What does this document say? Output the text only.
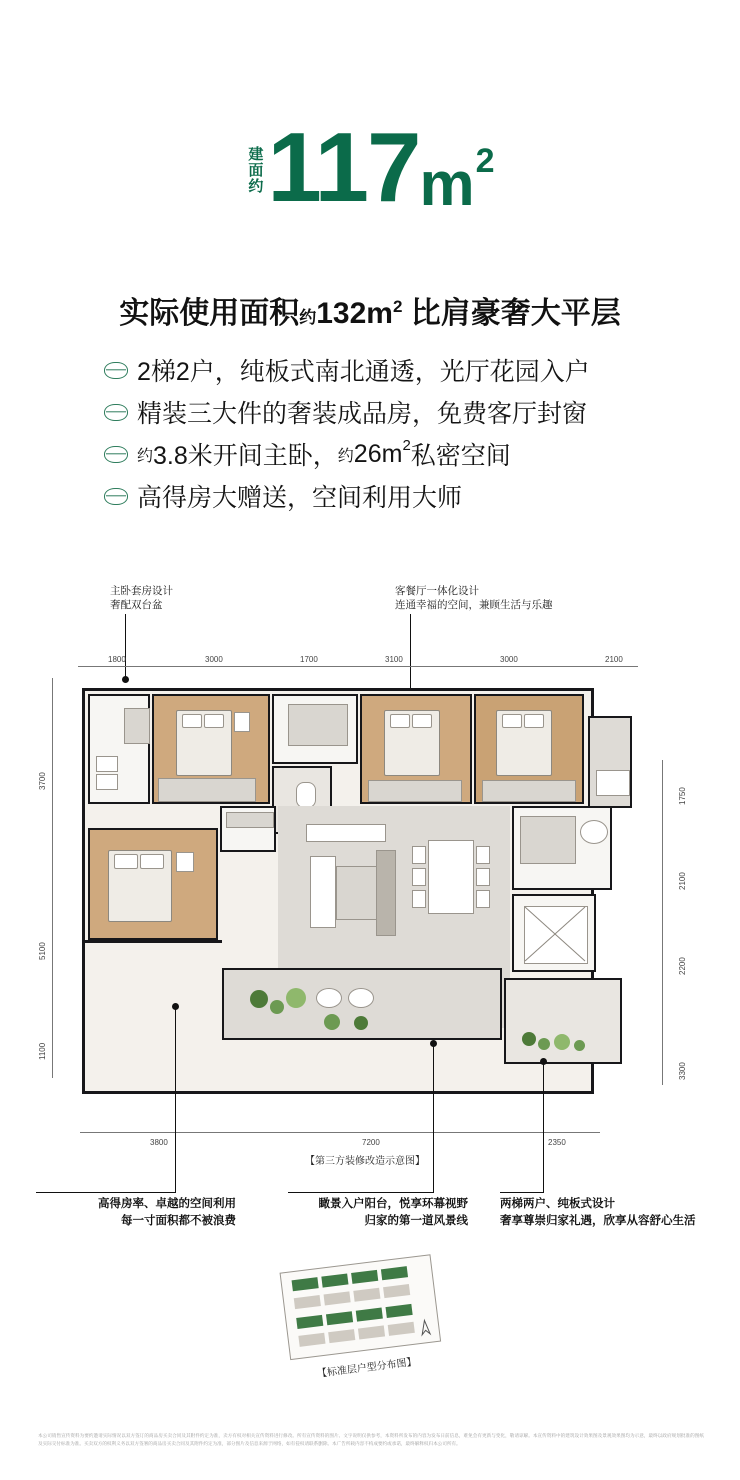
建面约 117 m 2
实际使用面积约$132m^2$ 比肩豪奢大平层
2梯2户，纯板式南北通透，光厅花园入户
精装三大件的奢装成品房，免费客厅封窗
约 3.8米开间主卧， 约 26m 2 私密空间
高得房大赠送，空间利用大师
主卧套房设计
奢配双台盆
客餐厅一体化设计
连通幸福的空间，兼顾生活与乐趣
1800	3000	1700	3100	3000	2100
3700
5100
1100
1750
2100
2200
3300
3800	7200	2350
【第三方装修改造示意图】
高得房率、卓越的空间利用
每一寸面积都不被浪费
瞰景入户阳台，悦享环幕视野
归家的第一道风景线
两梯两户、纯板式设计
奢享尊崇归家礼遇，欣享从容舒心生活
【标准层户型分布图】
本公司销售宣传资料为要约邀请实际情况以双方签订的商品房买卖合同及其附件约定为准，卖方有权对相关宣传资料进行修改。所有宣传资料的图片、文字说明仅供参考，本资料所发布的内容为发布日前信息，难免会有更新与变化，敬请谅解。本宣传资料中的建筑设计效果图及景观效果图均为示意，最终以政府规划批准的图纸及实际交付标准为准。买卖双方的权利义务以双方签署的商品房买卖合同及其附件约定为准，部分图片及信息来源于网络，如有侵权请联系删除。本广告所载内容不构成要约或承诺，最终解释权归本公司所有。
